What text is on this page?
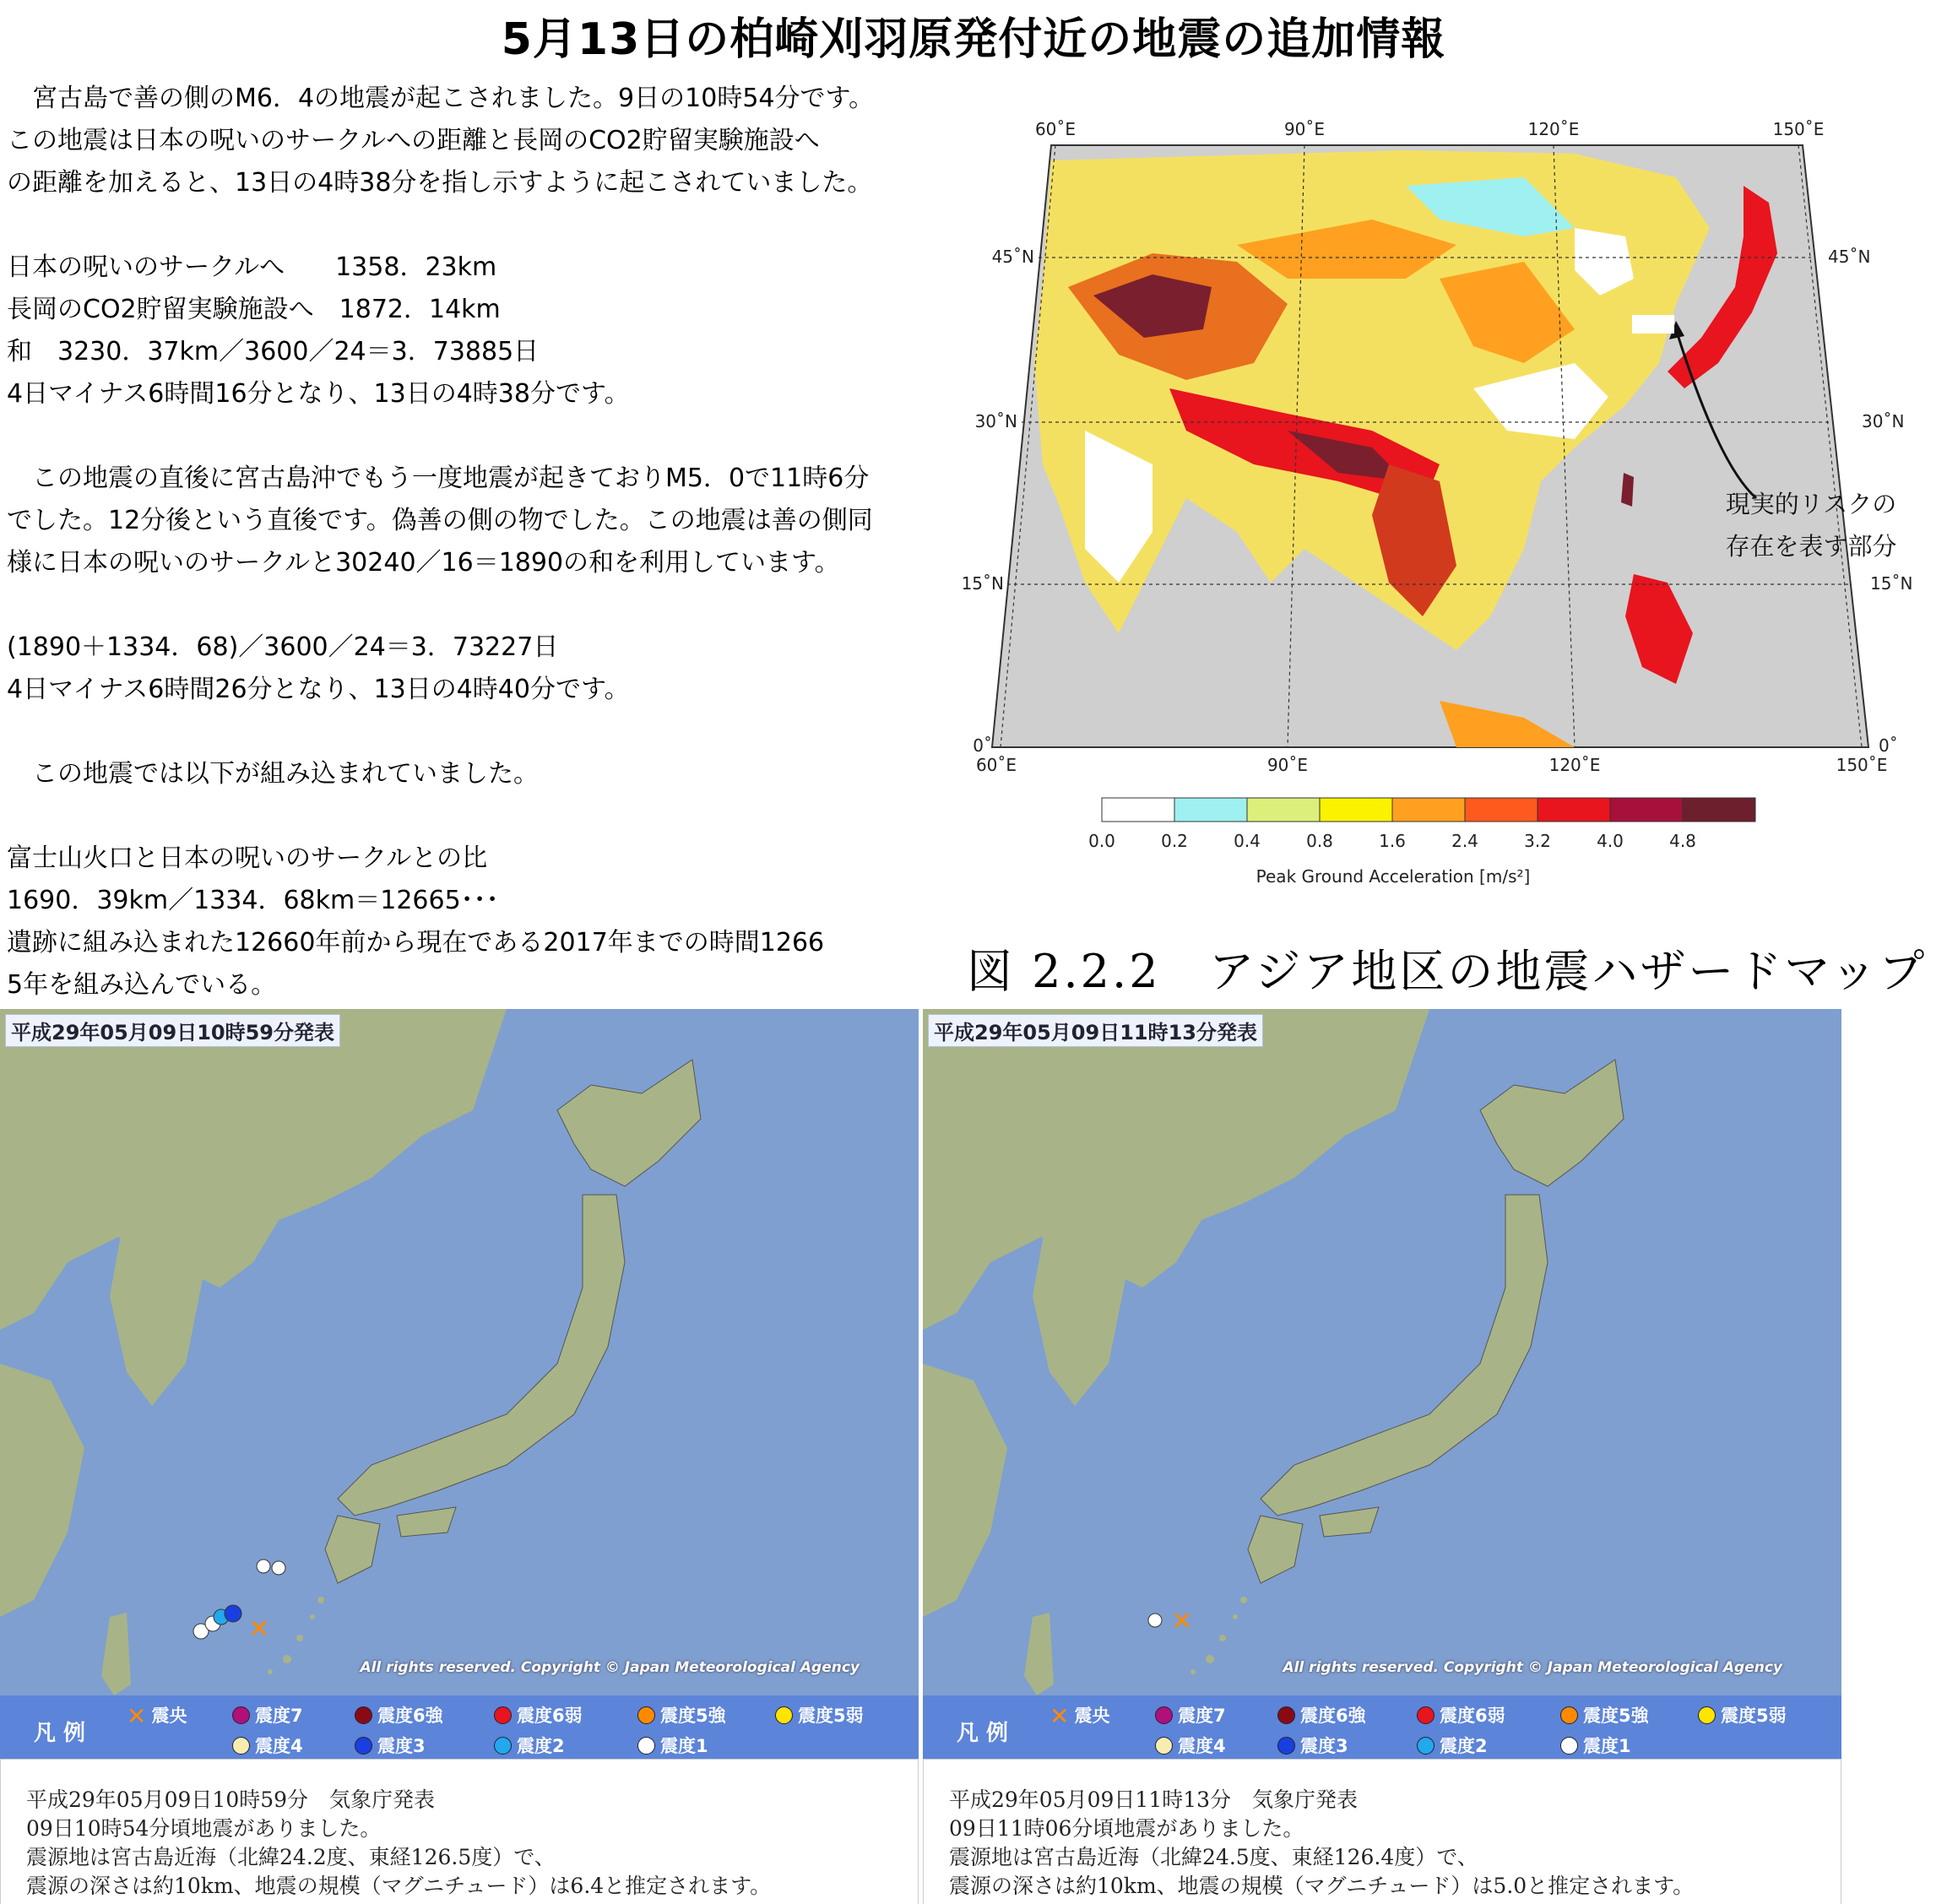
5月13日の柏崎刈羽原発付近の地震の追加情報
　宮古島で善の側のM6．4の地震が起こされました。9日の10時54分です。
この地震は日本の呪いのサークルへの距離と長岡のCO2貯留実験施設へ
の距離を加えると、13日の4時38分を指し示すように起こされていました。
日本の呪いのサークルへ　　1358．23km
長岡のCO2貯留実験施設へ　1872．14km
和　3230．37km／3600／24＝3．73885日
4日マイナス6時間16分となり、13日の4時38分です。
　この地震の直後に宮古島沖でもう一度地震が起きておりM5．0で11時6分
でした。12分後という直後です。偽善の側の物でした。この地震は善の側同
様に日本の呪いのサークルと30240／16＝1890の和を利用しています。
(1890＋1334．68)／3600／24＝3．73227日
4日マイナス6時間26分となり、13日の4時40分です。
　この地震では以下が組み込まれていました。
富士山火口と日本の呪いのサークルとの比
1690．39km／1334．68km＝12665･･･
遺跡に組み込まれた12660年前から現在である2017年までの時間1266
5年を組み込んでいる。
60˚E	90˚E	120˚E	150˚E
60˚E	90˚E	120˚E	150˚E
45˚N
30˚N
15˚N
0˚
45˚N
30˚N
15˚N
0˚
現実的リスクの
存在を表す部分
0.0	0.2	0.4	0.8	1.6	2.4	3.2	4.0	4.8
Peak Ground Acceleration [m/s²]
図 2.2.2　アジア地区の地震ハザードマップ
✕
平成29年05月09日10時59分発表
All rights reserved. Copyright © Japan Meteorological Agency
凡 例
✕ 震央	震度7	震度6強	震度6弱	震度5強	震度5弱
震度4	震度3	震度2	震度1
平成29年05月09日10時59分　気象庁発表
09日10時54分頃地震がありました。
震源地は宮古島近海（北緯24.2度、東経126.5度）で、
震源の深さは約10km、地震の規模（マグニチュード）は6.4と推定されます。
✕
平成29年05月09日11時13分発表
All rights reserved. Copyright © Japan Meteorological Agency
凡 例
✕ 震央	震度7	震度6強	震度6弱	震度5強	震度5弱
震度4	震度3	震度2	震度1
平成29年05月09日11時13分　気象庁発表
09日11時06分頃地震がありました。
震源地は宮古島近海（北緯24.5度、東経126.4度）で、
震源の深さは約10km、地震の規模（マグニチュード）は5.0と推定されます。
